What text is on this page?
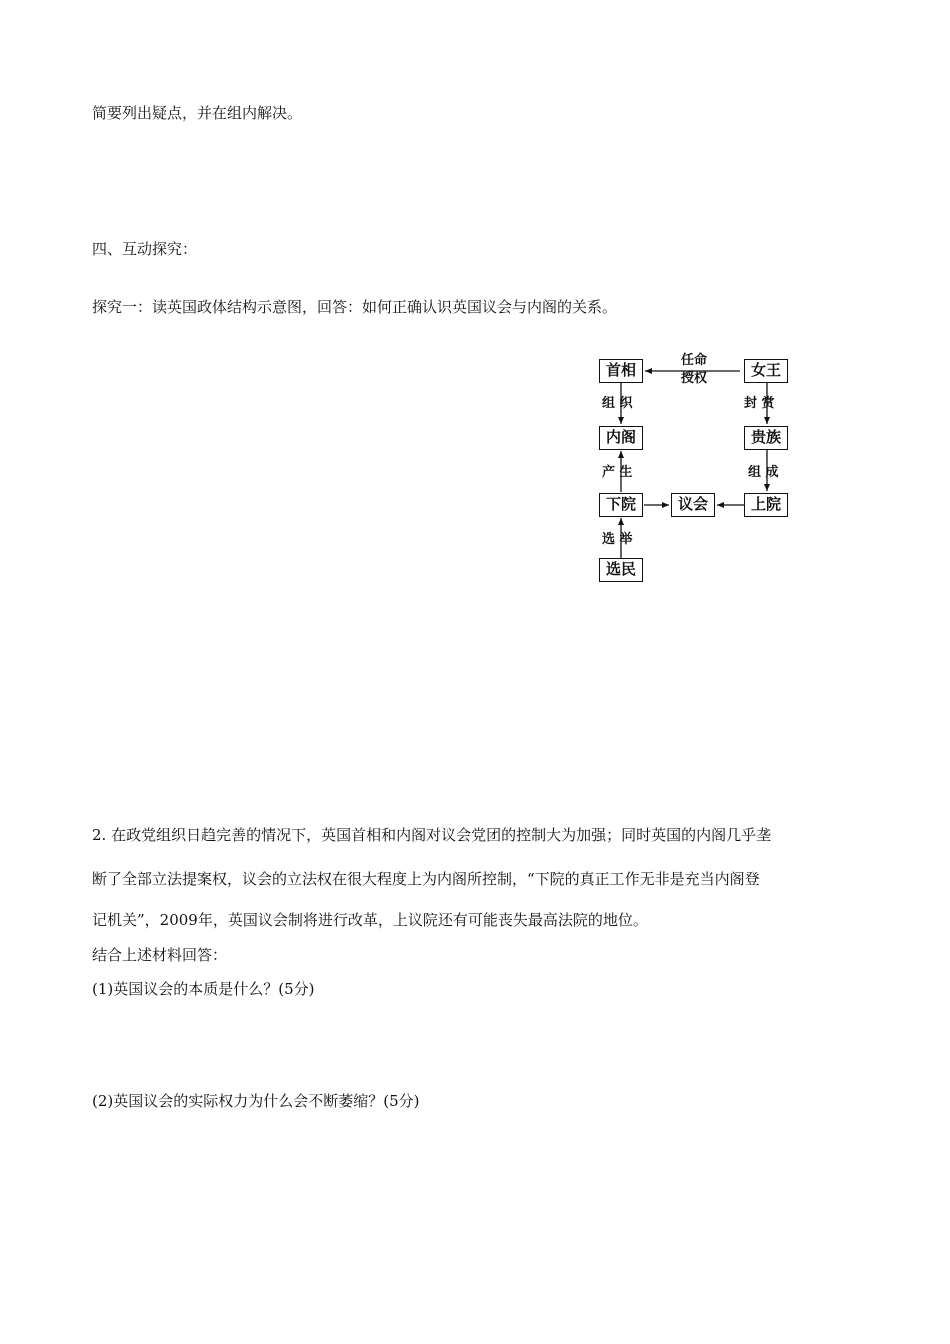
简要列出疑点，并在组内解决。
四、互动探究：
探究一：读英国政体结构示意图，回答：如何正确认识英国议会与内阁的关系。
首相	女王
内阁	贵族
下院	议会	上院
选民
任命
授权
组 织	封 赏
产 生	组 成
选 举
2. 在政党组织日趋完善的情况下，英国首相和内阁对议会党团的控制大为加强；同时英国的内阁几乎垄
断了全部立法提案权，议会的立法权在很大程度上为内阁所控制，“下院的真正工作无非是充当内阁登
记机关”，2009年，英国议会制将进行改革，上议院还有可能丧失最高法院的地位。
结合上述材料回答：
(1)英国议会的本质是什么？(5分)
(2)英国议会的实际权力为什么会不断萎缩？(5分)
